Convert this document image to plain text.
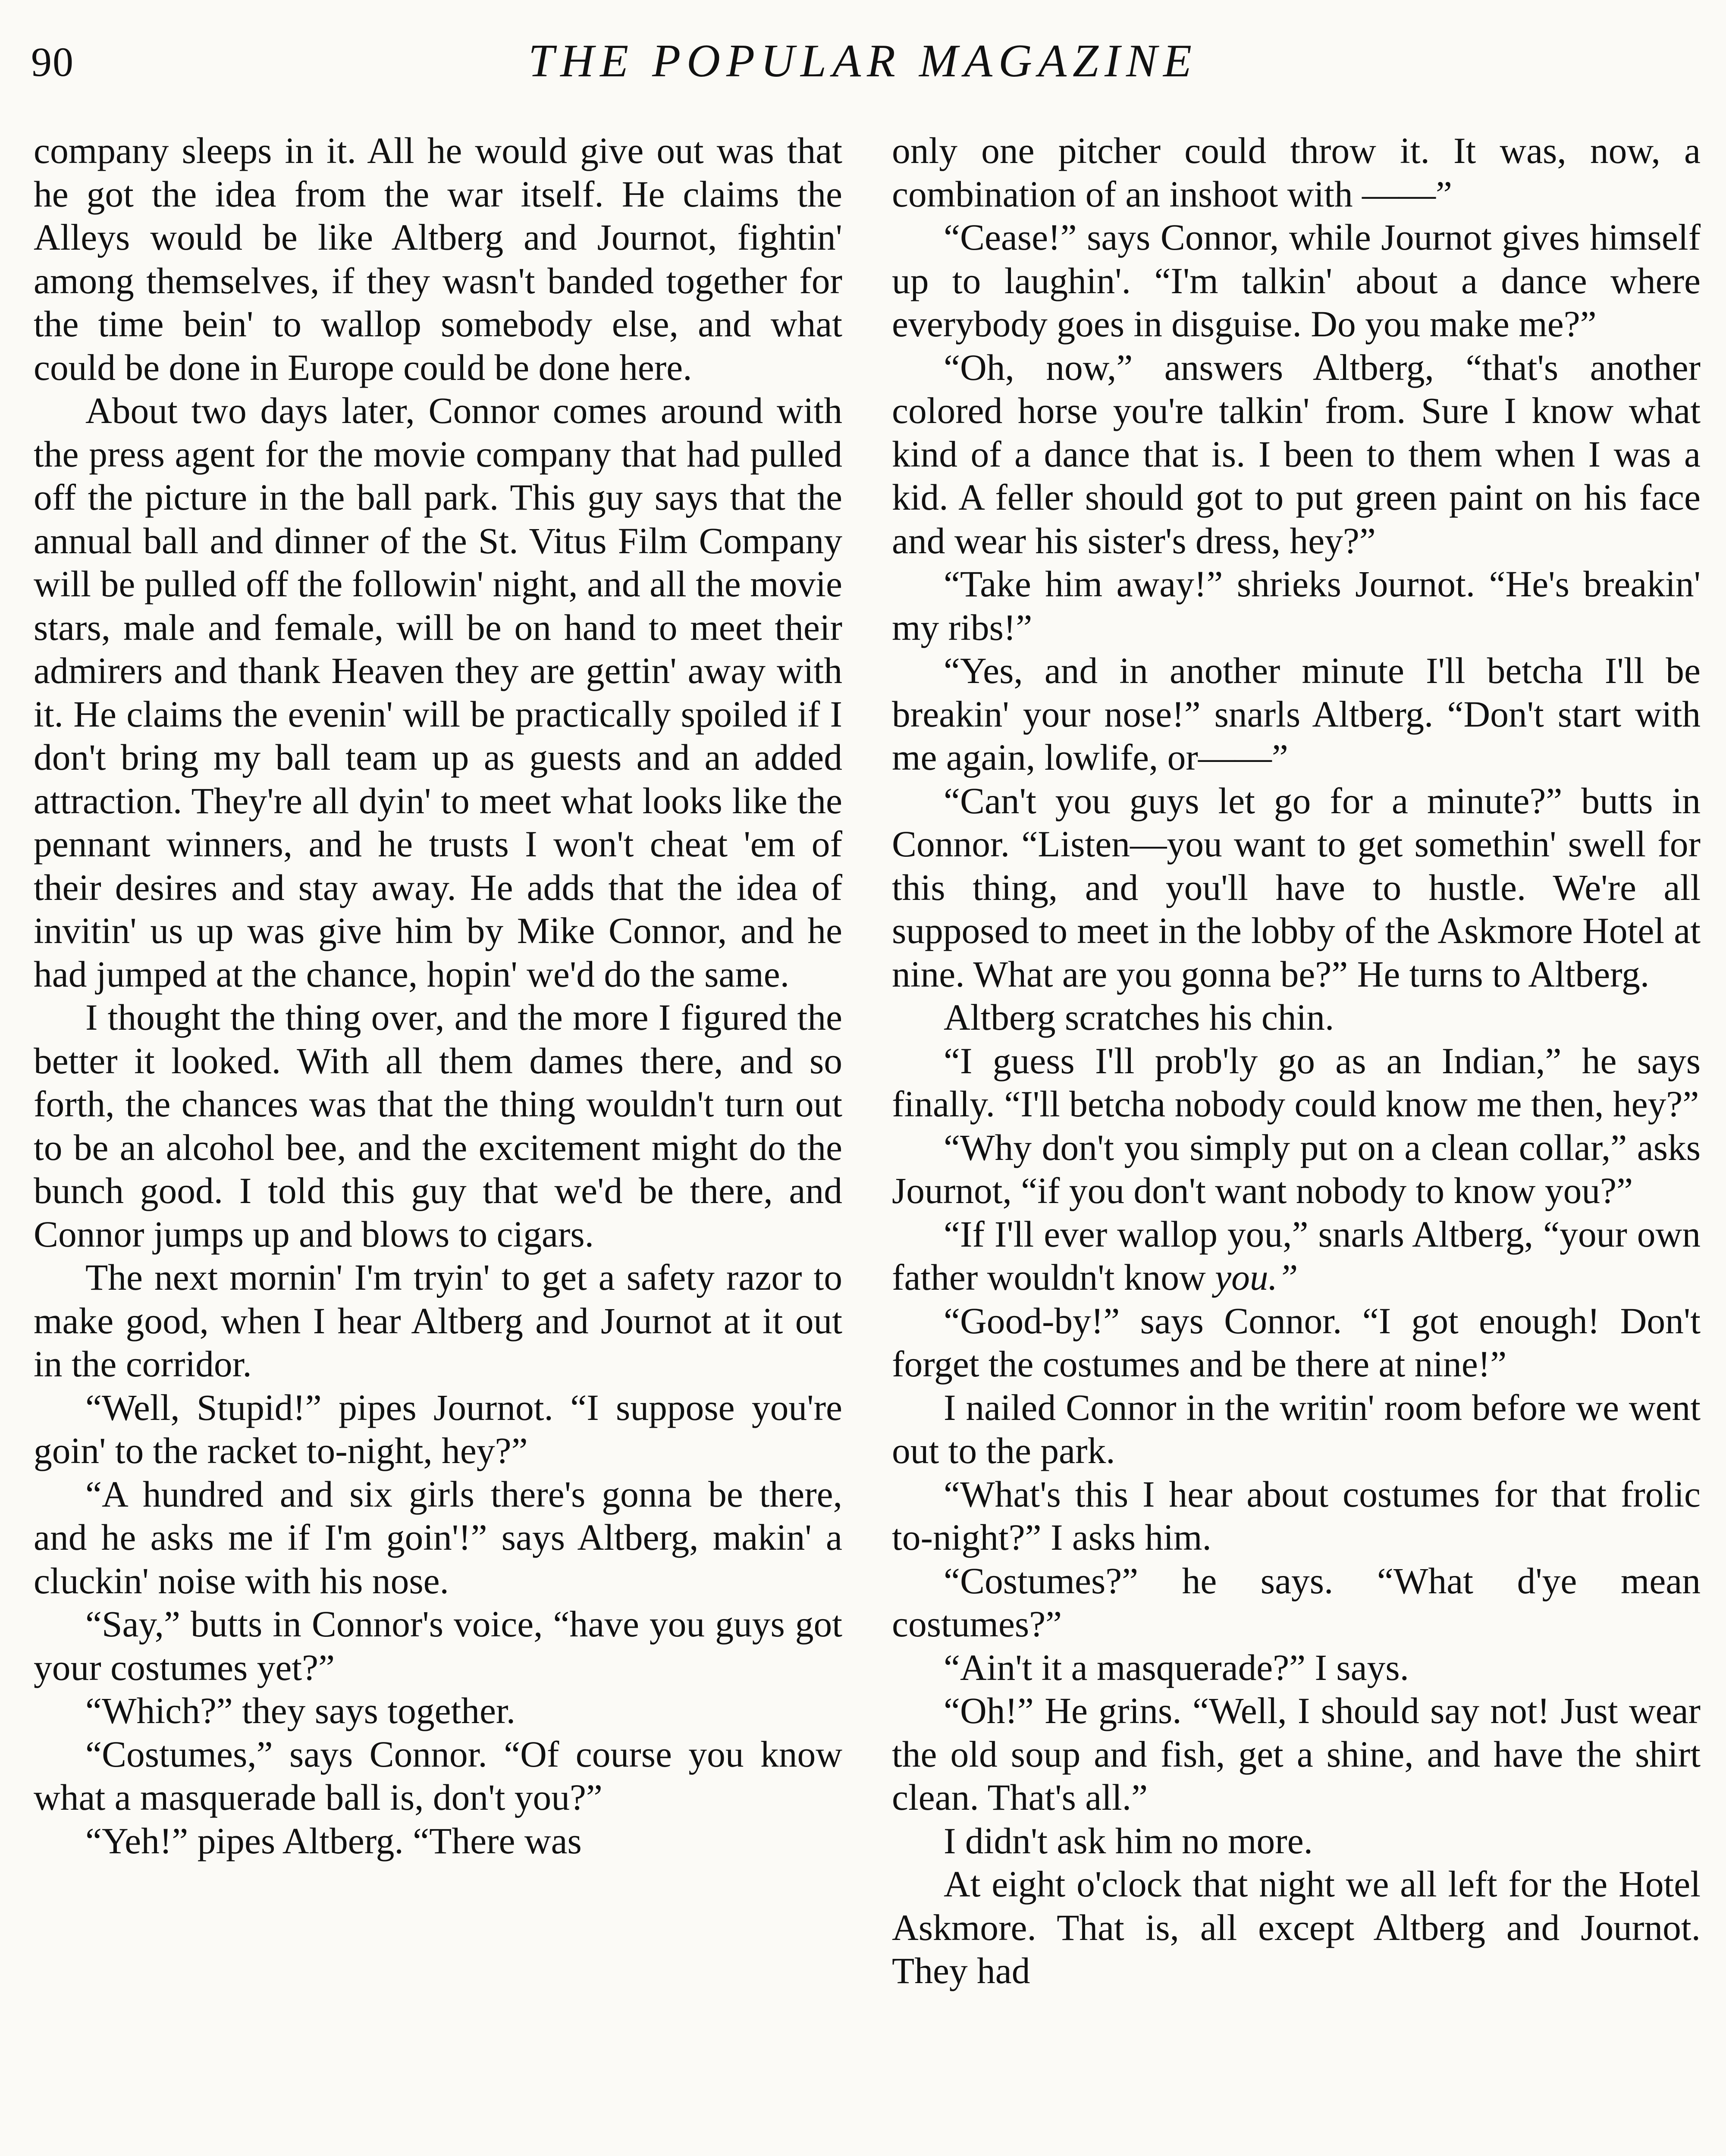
90	THE POPULAR MAGAZINE

company sleeps in it. All he would give out was that he got the idea from the war itself. He claims the Alleys would be like Altberg and Journot, fightin' among themselves, if they wasn't banded together for the time bein' to wallop somebody else, and what could be done in Europe could be done here.

About two days later, Connor comes around with the press agent for the movie company that had pulled off the picture in the ball park. This guy says that the annual ball and dinner of the St. Vitus Film Company will be pulled off the followin' night, and all the movie stars, male and female, will be on hand to meet their admirers and thank Heaven they are gettin' away with it. He claims the evenin' will be practically spoiled if I don't bring my ball team up as guests and an added attraction. They're all dyin' to meet what looks like the pennant winners, and he trusts I won't cheat 'em of their desires and stay away. He adds that the idea of invitin' us up was give him by Mike Connor, and he had jumped at the chance, hopin' we'd do the same.

I thought the thing over, and the more I figured the better it looked. With all them dames there, and so forth, the chances was that the thing wouldn't turn out to be an alcohol bee, and the excitement might do the bunch good. I told this guy that we'd be there, and Connor jumps up and blows to cigars.

The next mornin' I'm tryin' to get a safety razor to make good, when I hear Altberg and Journot at it out in the corridor.

“Well, Stupid!” pipes Journot. “I suppose you're goin' to the racket to-night, hey?”

“A hundred and six girls there's gonna be there, and he asks me if I'm goin'!” says Altberg, makin' a cluckin' noise with his nose.

“Say,” butts in Connor's voice, “have you guys got your costumes yet?”

“Which?” they says together.

“Costumes,” says Connor. “Of course you know what a masquerade ball is, don't you?”

“Yeh!” pipes Altberg. “There was

only one pitcher could throw it. It was, now, a combination of an inshoot with ——”

“Cease!” says Connor, while Journot gives himself up to laughin'. “I'm talkin' about a dance where everybody goes in disguise. Do you make me?”

“Oh, now,” answers Altberg, “that's another colored horse you're talkin' from. Sure I know what kind of a dance that is. I been to them when I was a kid. A feller should got to put green paint on his face and wear his sister's dress, hey?”

“Take him away!” shrieks Journot. “He's breakin' my ribs!”

“Yes, and in another minute I'll betcha I'll be breakin' your nose!” snarls Altberg. “Don't start with me again, lowlife, or——”

“Can't you guys let go for a minute?” butts in Connor. “Listen—you want to get somethin' swell for this thing, and you'll have to hustle. We're all supposed to meet in the lobby of the Askmore Hotel at nine. What are you gonna be?” He turns to Altberg.

Altberg scratches his chin.

“I guess I'll prob'ly go as an Indian,” he says finally. “I'll betcha nobody could know me then, hey?”

“Why don't you simply put on a clean collar,” asks Journot, “if you don't want nobody to know you?”

“If I'll ever wallop you,” snarls Altberg, “your own father wouldn't know you.”

“Good-by!” says Connor. “I got enough! Don't forget the costumes and be there at nine!”

I nailed Connor in the writin' room before we went out to the park.

“What's this I hear about costumes for that frolic to-night?” I asks him.

“Costumes?” he says. “What d'ye mean costumes?”

“Ain't it a masquerade?” I says.

“Oh!” He grins. “Well, I should say not! Just wear the old soup and fish, get a shine, and have the shirt clean. That's all.”

I didn't ask him no more.

At eight o'clock that night we all left for the Hotel Askmore. That is, all except Altberg and Journot. They had
